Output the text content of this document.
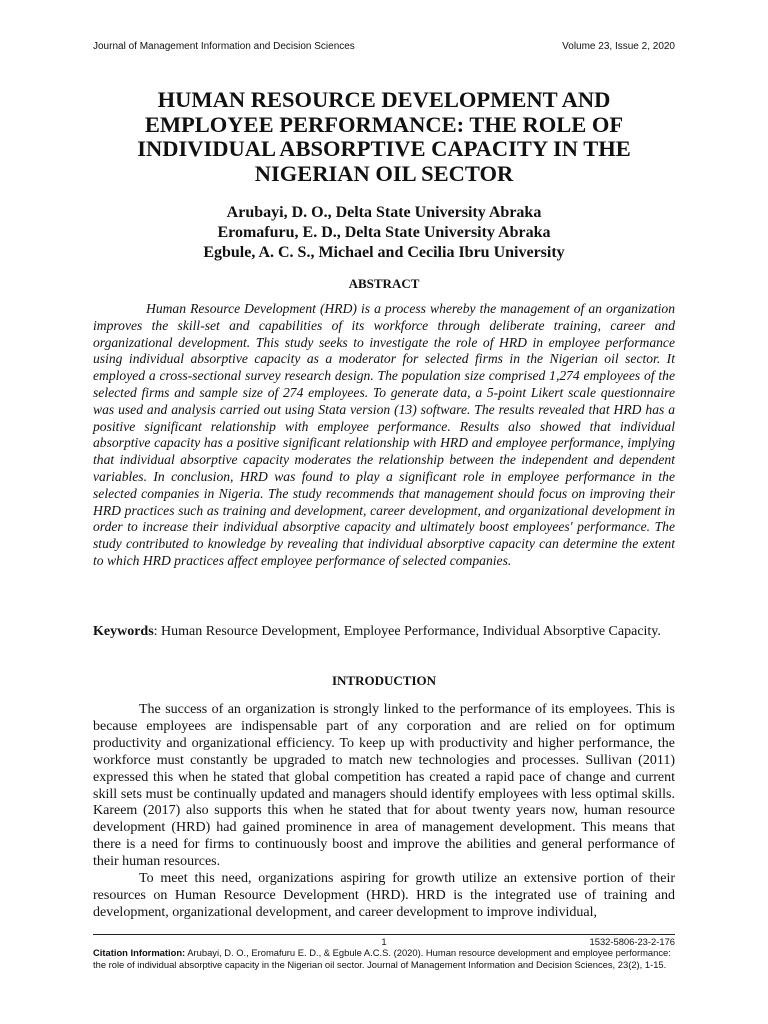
Journal of Management Information and Decision Sciences	Volume 23, Issue 2, 2020
HUMAN RESOURCE DEVELOPMENT AND EMPLOYEE PERFORMANCE: THE ROLE OF INDIVIDUAL ABSORPTIVE CAPACITY IN THE NIGERIAN OIL SECTOR
Arubayi, D. O., Delta State University Abraka
Eromafuru, E. D., Delta State University Abraka
Egbule, A. C. S., Michael and Cecilia Ibru University
ABSTRACT

Human Resource Development (HRD) is a process whereby the management of an organization improves the skill-set and capabilities of its workforce through deliberate training, career and organizational development. This study seeks to investigate the role of HRD in employee performance using individual absorptive capacity as a moderator for selected firms in the Nigerian oil sector. It employed a cross-sectional survey research design. The population size comprised 1,274 employees of the selected firms and sample size of 274 employees. To generate data, a 5-point Likert scale questionnaire was used and analysis carried out using Stata version (13) software. The results revealed that HRD has a positive significant relationship with employee performance. Results also showed that individual absorptive capacity has a positive significant relationship with HRD and employee performance, implying that individual absorptive capacity moderates the relationship between the independent and dependent variables. In conclusion, HRD was found to play a significant role in employee performance in the selected companies in Nigeria. The study recommends that management should focus on improving their HRD practices such as training and development, career development, and organizational development in order to increase their individual absorptive capacity and ultimately boost employees' performance. The study contributed to knowledge by revealing that individual absorptive capacity can determine the extent to which HRD practices affect employee performance of selected companies.

Keywords: Human Resource Development, Employee Performance, Individual Absorptive Capacity.
INTRODUCTION

The success of an organization is strongly linked to the performance of its employees. This is because employees are indispensable part of any corporation and are relied on for optimum productivity and organizational efficiency. To keep up with productivity and higher performance, the workforce must constantly be upgraded to match new technologies and processes. Sullivan (2011) expressed this when he stated that global competition has created a rapid pace of change and current skill sets must be continually updated and managers should identify employees with less optimal skills. Kareem (2017) also supports this when he stated that for about twenty years now, human resource development (HRD) had gained prominence in area of management development. This means that there is a need for firms to continuously boost and improve the abilities and general performance of their human resources.

To meet this need, organizations aspiring for growth utilize an extensive portion of their resources on Human Resource Development (HRD). HRD is the integrated use of training and development, organizational development, and career development to improve individual,

1	1532-5806-23-2-176
Citation Information: Arubayi, D. O., Eromafuru E. D., & Egbule A.C.S. (2020). Human resource development and employee performance: the role of individual absorptive capacity in the Nigerian oil sector. Journal of Management Information and Decision Sciences, 23(2), 1-15.
